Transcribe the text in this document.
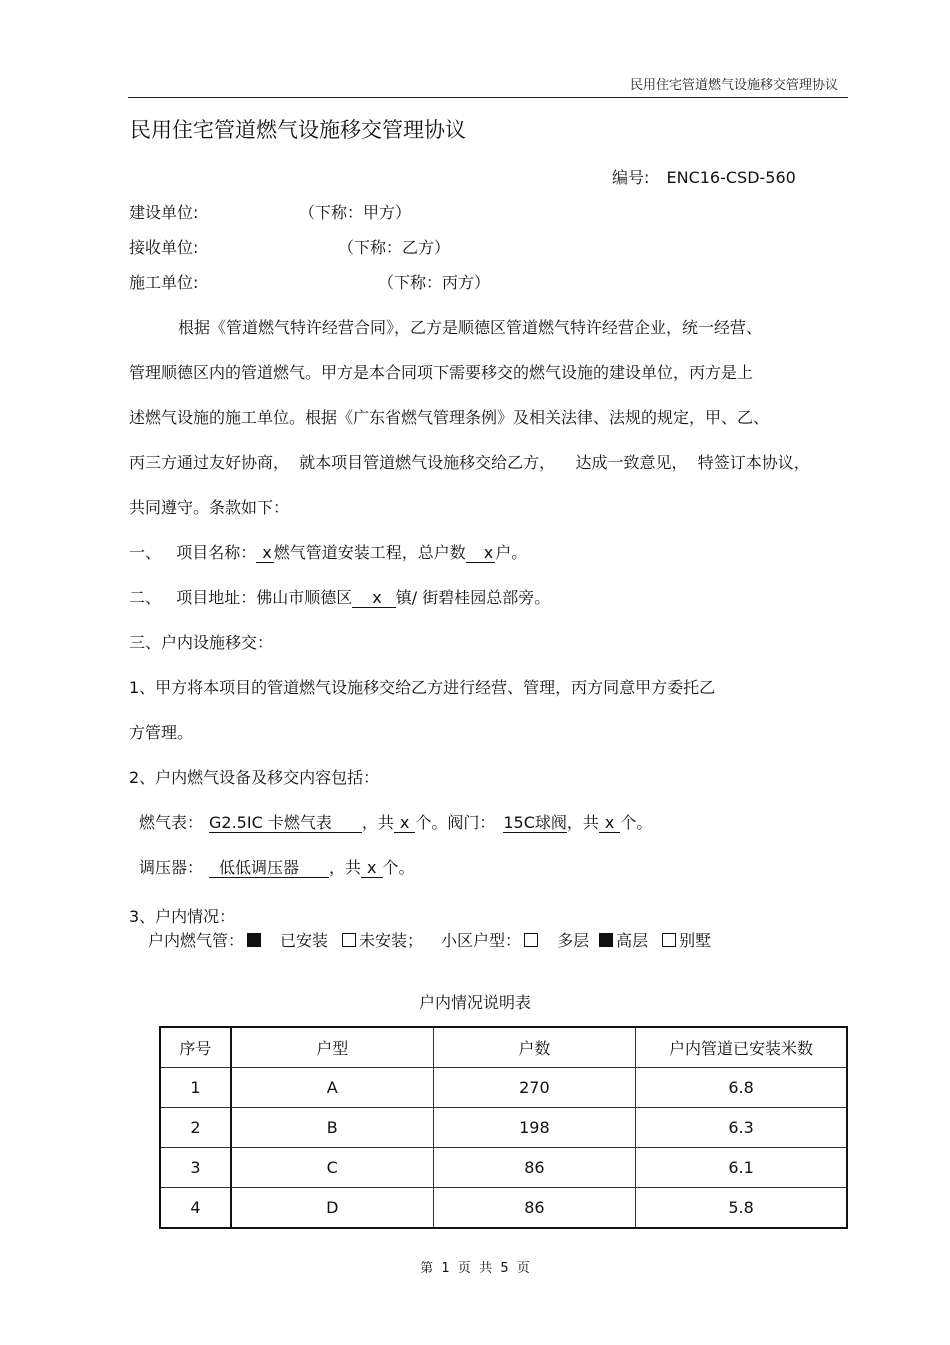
民用住宅管道燃气设施移交管理协议
民用住宅管道燃气设施移交管理协议
编号: ENC16-CSD-560
建设单位:	（下称：甲方）
接收单位:	（下称：乙方）
施工单位:	（下称：丙方）
根据《管道燃气特许经营合同》，乙方是顺德区管道燃气特许经营企业，统一经营、
管理顺德区内的管道燃气。甲方是本合同项下需要移交的燃气设施的建设单位，丙方是上
述燃气设施的施工单位。根据《广东省燃气管理条例》及相关法律、法规的规定，甲、乙、
丙三方通过友好协商，  就本项目管道燃气设施移交给乙方，    达成一致意见，  特签订本协议，
共同遵守。条款如下：
一、   项目名称： x 燃气管道安装工程，总户数 x 户。
二、   项目地址：佛山市顺德区 x 镇/ 街碧桂园总部旁。
三、户内设施移交：
1、甲方将本项目的管道燃气设施移交给乙方进行经营、管理，丙方同意甲方委托乙
方管理。
2、户内燃气设备及移交内容包括：
燃气表： G2.5IC 卡燃气表 ，共 x 个。阀门： 15C球阀，共 x 个。
调压器： 低低调压器 ，共 x 个。
3、户内情况：
户内燃气管： 已安装 未安装； 小区户型： 多层 高层 别墅
户内情况说明表
序号	户型	户数	户内管道已安装米数
1	A	270	6.8
2	B	198	6.3
3	C	86	6.1
4	D	86	5.8
第  1  页  共  5  页
